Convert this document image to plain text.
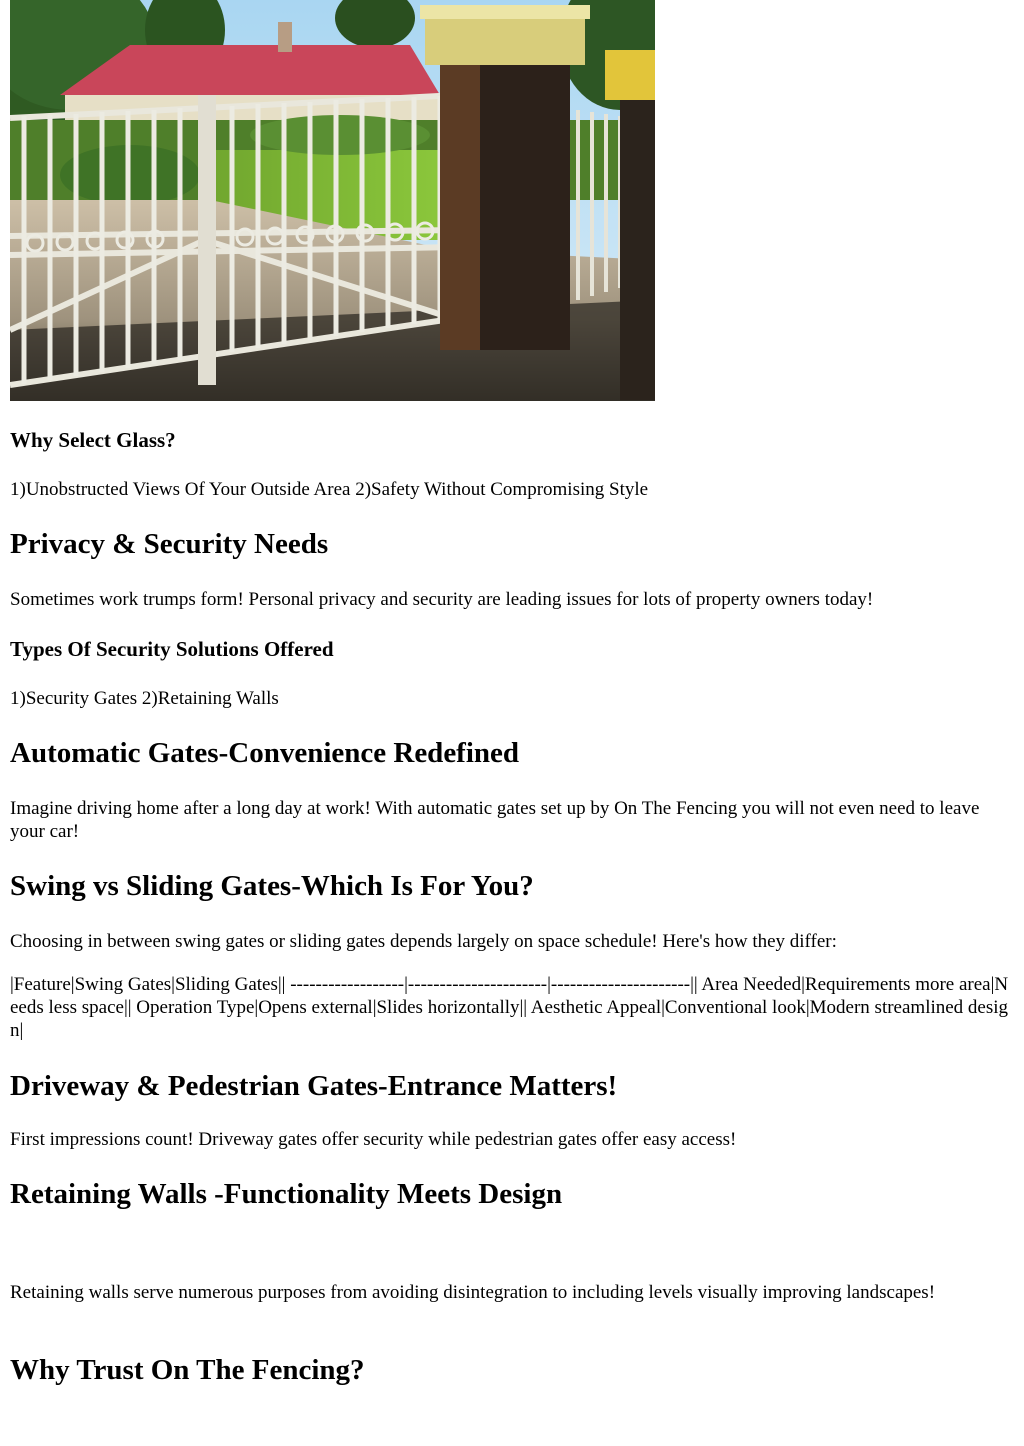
Why Select Glass?

1)Unobstructed Views Of Your Outside Area 2)Safety Without Compromising Style

Privacy & Security Needs

Sometimes work trumps form! Personal privacy and security are leading issues for lots of property owners today!

Types Of Security Solutions Offered

1)Security Gates 2)Retaining Walls

Automatic Gates-Convenience Redefined

Imagine driving home after a long day at work! With automatic gates set up by On The Fencing you will not even need to leave your car!

Swing vs Sliding Gates-Which Is For You?

Choosing in between swing gates or sliding gates depends largely on space schedule! Here's how they differ:

|Feature|Swing Gates|Sliding Gates|| ------------------|----------------------|----------------------|| Area Needed|Requirements more area|Needs less space|| Operation Type|Opens external|Slides horizontally|| Aesthetic Appeal|Conventional look|Modern streamlined design|

Driveway & Pedestrian Gates-Entrance Matters!

First impressions count! Driveway gates offer security while pedestrian gates offer easy access!

Retaining Walls -Functionality Meets Design

Retaining walls serve numerous purposes from avoiding disintegration to including levels visually improving landscapes!

Why Trust On The Fencing?
